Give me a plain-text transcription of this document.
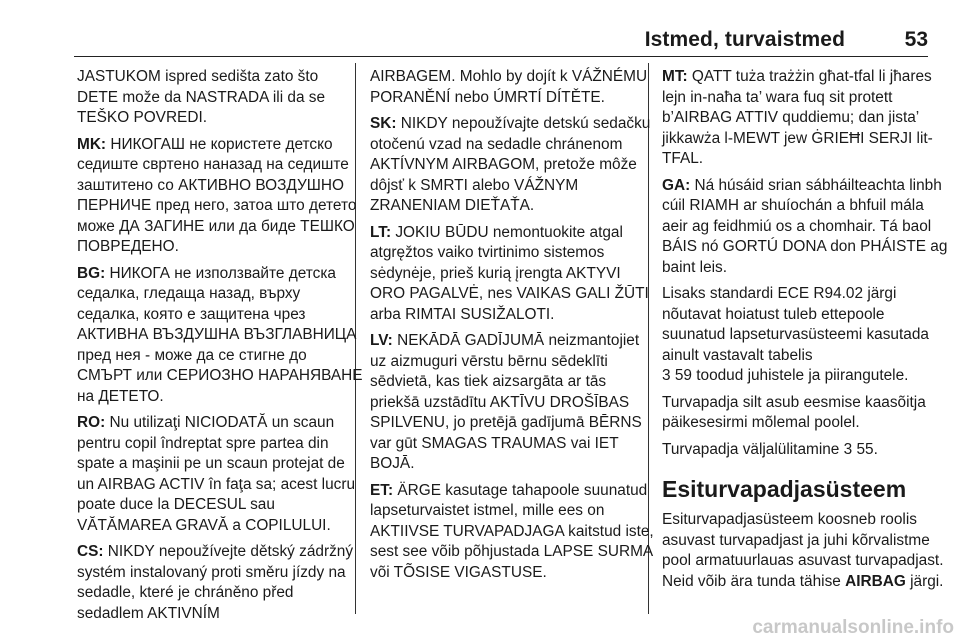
Istmed, turvaistmed	53

JASTUKOM ispred sedišta zato što DETE može da NASTRADA ili da se TEŠKO POVREDI.

MK: НИКОГАШ не користете детско седиште свртено наназад на седиште заштитено со АКТИВНО ВОЗДУШНО ПЕРНИЧЕ пред него, затоа што детето може ДА ЗАГИНЕ или да биде ТЕШКО ПОВРЕДЕНО.

BG: НИКОГА не използвайте детска седалка, гледаща назад, върху седалка, която е защитена чрез АКТИВНА ВЪЗДУШНА ВЪЗГЛАВНИЦА пред нея - може да се стигне до СМЪРТ или СЕРИОЗНО НАРАНЯВАНЕ на ДЕТЕТО.

RO: Nu utilizaţi NICIODATĂ un scaun pentru copil îndreptat spre partea din spate a maşinii pe un scaun protejat de un AIRBAG ACTIV în faţa sa; acest lucru poate duce la DECESUL sau VĂTĂMAREA GRAVĂ a COPILULUI.

CS: NIKDY nepoužívejte dětský zádržný systém instalovaný proti směru jízdy na sedadle, které je chráněno před sedadlem AKTIVNÍM

AIRBAGEM. Mohlo by dojít k VÁŽNÉMU PORANĚNÍ nebo ÚMRTÍ DÍTĚTE.

SK: NIKDY nepoužívajte detskú sedačku otočenú vzad na sedadle chránenom AKTÍVNYM AIRBAGOM, pretože môže dôjsť k SMRTI alebo VÁŽNYM ZRANENIAM DIEŤAŤA.

LT: JOKIU BŪDU nemontuokite atgal atgręžtos vaiko tvirtinimo sistemos sėdynėje, prieš kurią įrengta AKTYVI ORO PAGALVĖ, nes VAIKAS GALI ŽŪTI arba RIMTAI SUSIŽALOTI.

LV: NEKĀDĀ GADĪJUMĀ neizmantojiet uz aizmuguri vērstu bērnu sēdeklīti sēdvietā, kas tiek aizsargāta ar tās priekšā uzstādītu AKTĪVU DROŠĪBAS SPILVENU, jo pretējā gadījumā BĒRNS var gūt SMAGAS TRAUMAS vai IET BOJĀ.

ET: ÄRGE kasutage tahapoole suunatud lapseturvaistet istmel, mille ees on AKTIIVSE TURVAPADJAGA kaitstud iste, sest see võib põhjustada LAPSE SURMA või TÕSISE VIGASTUSE.

MT: QATT tuża trażżin għat-tfal li jħares lejn in-naħa ta’ wara fuq sit protett b’AIRBAG ATTIV quddiemu; dan jista’ jikkawża l-MEWT jew ĠRIEĦI SERJI lit-TFAL.

GA: Ná húsáid srian sábháilteachta linbh cúil RIAMH ar shuíochán a bhfuil mála aeir ag feidhmiú os a chomhair. Tá baol BÁIS nó GORTÚ DONA don PHÁISTE ag baint leis.

Lisaks standardi ECE R94.02 järgi nõutavat hoiatust tuleb ettepoole suunatud lapseturvasüsteemi kasutada ainult vastavalt tabelis

3 59 toodud juhistele ja piirangutele.

Turvapadja silt asub eesmise kaasõitja päikesesirmi mõlemal poolel.

Turvapadja väljalülitamine 3 55.

Esiturvapadjasüsteem

Esiturvapadjasüsteem koosneb roolis asuvast turvapadjast ja juhi kõrvalistme pool armatuurlauas asuvast turvapadjast. Neid võib ära tunda tähise AIRBAG järgi.

carmanualsonline.info
